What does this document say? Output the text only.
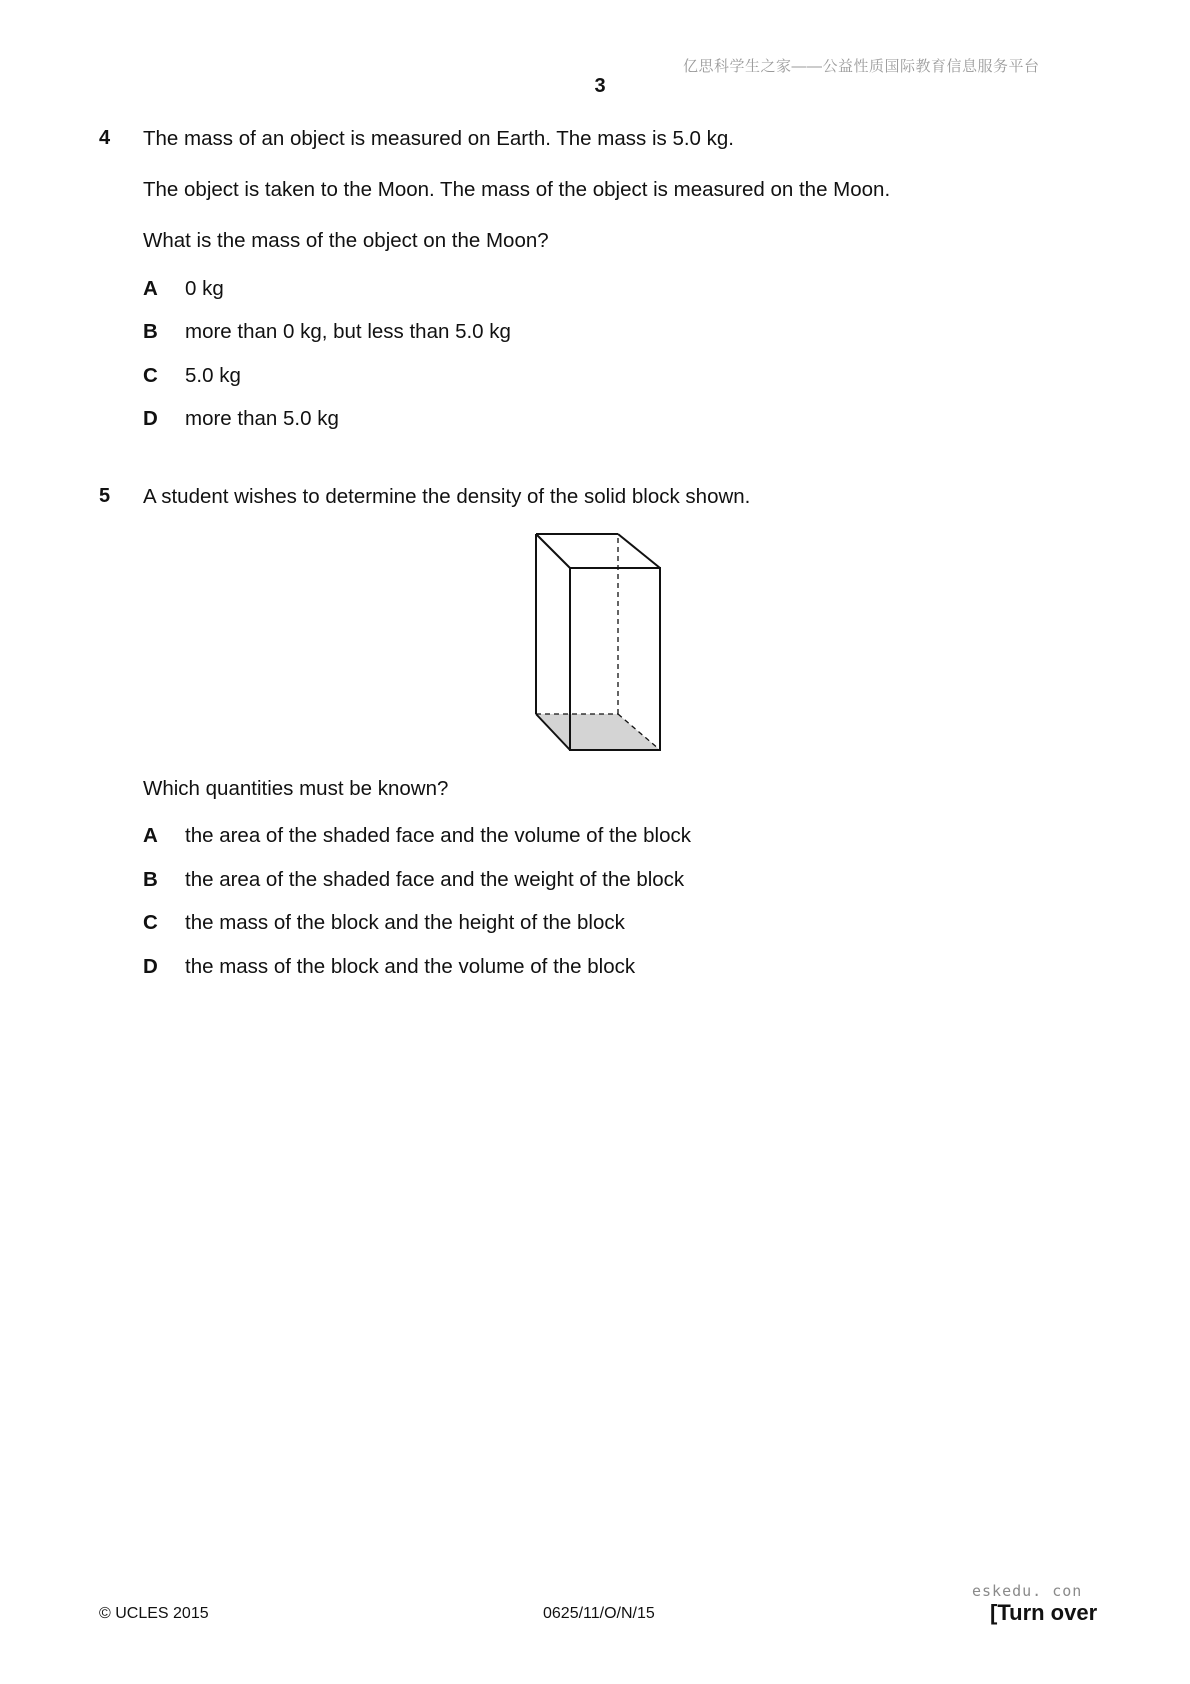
亿思科学生之家——公益性质国际教育信息服务平台
3
4 The mass of an object is measured on Earth. The mass is 5.0 kg.
The object is taken to the Moon. The mass of the object is measured on the Moon.
What is the mass of the object on the Moon?
A 0 kg
B more than 0 kg, but less than 5.0 kg
C 5.0 kg
D more than 5.0 kg
5 A student wishes to determine the density of the solid block shown.
Which quantities must be known?
A the area of the shaded face and the volume of the block
B the area of the shaded face and the weight of the block
C the mass of the block and the height of the block
D the mass of the block and the volume of the block
eskedu. con
© UCLES 2015	0625/11/O/N/15	[Turn over
